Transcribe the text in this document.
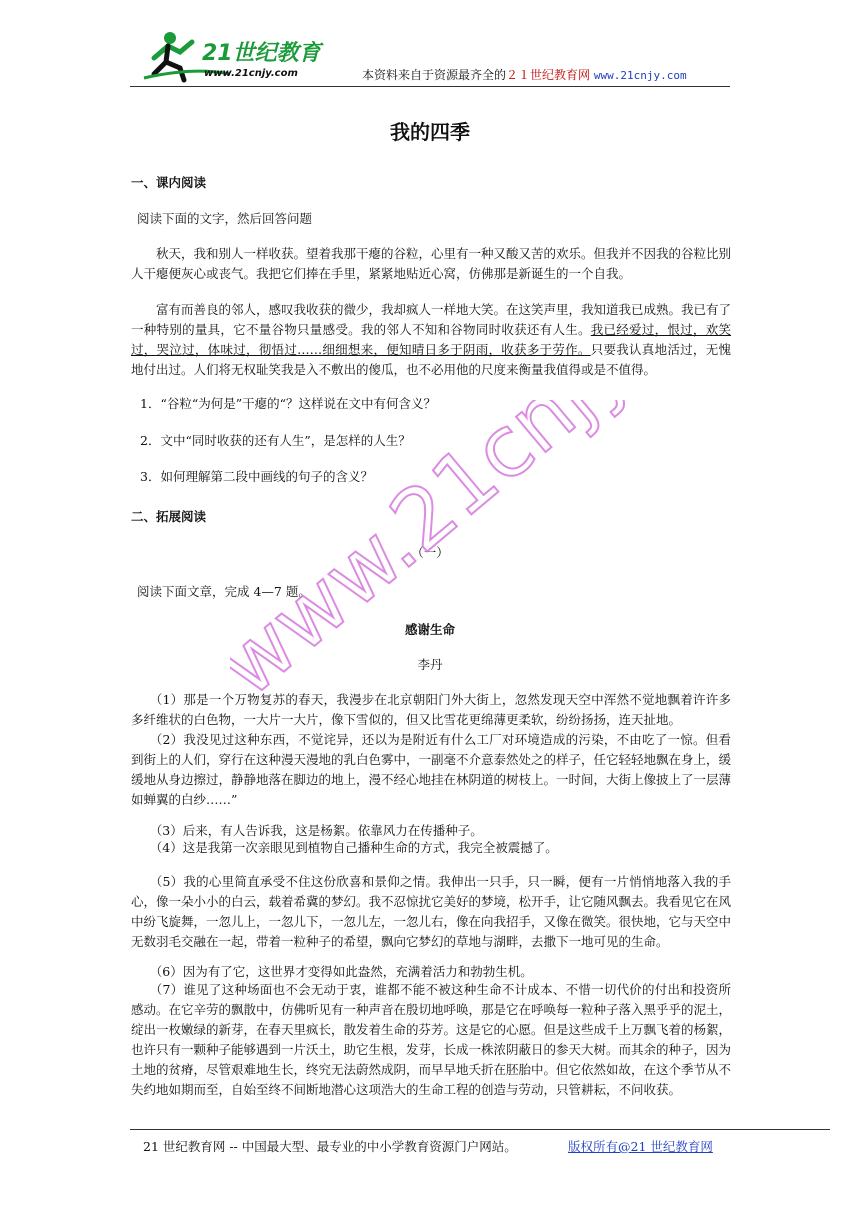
21世纪教育
www.21cnjy.com	本资料来自于资源最齐全的２１世纪教育网 www.21cnjy.com
我的四季
一、课内阅读
阅读下面的文字，然后回答问题
秋天，我和别人一样收获。望着我那干瘪的谷粒，心里有一种又酸又苦的欢乐。但我并不因我的谷粒比别人干瘪便灰心或丧气。我把它们捧在手里，紧紧地贴近心窝，仿佛那是新诞生的一个自我。
富有而善良的邻人，感叹我收获的微少，我却疯人一样地大笑。在这笑声里，我知道我已成熟。我已有了一种特别的量具，它不量谷物只量感受。我的邻人不知和谷物同时收获还有人生。我已经爱过，恨过，欢笑过，哭泣过，体味过，彻悟过……细细想来，便知晴日多于阴雨，收获多于劳作。只要我认真地活过，无愧地付出过。人们将无权耻笑我是入不敷出的傻瓜，也不必用他的尺度来衡量我值得或是不值得。
1．“谷粒“为何是”干瘪的“？这样说在文中有何含义？
2．文中“同时收获的还有人生”，是怎样的人生？
3．如何理解第二段中画线的句子的含义？
二、拓展阅读
（一）
阅读下面文章，完成 4—7 题。
感谢生命
李丹
（1）那是一个万物复苏的春天，我漫步在北京朝阳门外大街上，忽然发现天空中浑然不觉地飘着许许多多纤维状的白色物，一大片一大片，像下雪似的，但又比雪花更绵薄更柔软，纷纷扬扬，连天扯地。
（2）我没见过这种东西，不觉诧异，还以为是附近有什么工厂对环境造成的污染，不由吃了一惊。但看到街上的人们，穿行在这种漫天漫地的乳白色雾中，一副毫不介意泰然处之的样子，任它轻轻地飘在身上，缓缓地从身边擦过，静静地落在脚边的地上，漫不经心地挂在林阴道的树枝上。一时间，大街上像披上了一层薄如蝉翼的白纱……”
（3）后来，有人告诉我，这是杨絮。依靠风力在传播种子。
（4）这是我第一次亲眼见到植物自己播种生命的方式，我完全被震撼了。
（5）我的心里简直承受不住这份欣喜和景仰之情。我伸出一只手，只一瞬，便有一片悄悄地落入我的手心，像一朵小小的白云，载着希冀的梦幻。我不忍惊扰它美好的梦境，松开手，让它随风飘去。我看见它在风中纷飞旋舞，一忽儿上，一忽儿下，一忽儿左，一忽儿右，像在向我招手，又像在微笑。很快地，它与天空中无数羽毛交融在一起，带着一粒种子的希望，飘向它梦幻的草地与湖畔，去撒下一地可见的生命。
（6）因为有了它，这世界才变得如此盎然，充满着活力和勃勃生机。
（7）谁见了这种场面也不会无动于衷，谁都不能不被这种生命不计成本、不惜一切代价的付出和投资所感动。在它辛劳的飘散中，仿佛听见有一种声音在殷切地呼唤，那是它在呼唤每一粒种子落入黑乎乎的泥土，绽出一枚嫩绿的新芽，在春天里疯长，散发着生命的芬芳。这是它的心愿。但是这些成千上万飘飞着的杨絮，也许只有一颗种子能够遇到一片沃土，助它生根，发芽，长成一株浓阴蔽日的参天大树。而其余的种子，因为土地的贫瘠，尽管艰难地生长，终究无法蔚然成阴，而早早地夭折在胚胎中。但它依然如故，在这个季节从不失约地如期而至，自始至终不间断地潜心这项浩大的生命工程的创造与劳动，只管耕耘，不问收获。
www.21cnjy.com
21 世纪教育网 -- 中国最大型、最专业的中小学教育资源门户网站。	版权所有@21 世纪教育网
